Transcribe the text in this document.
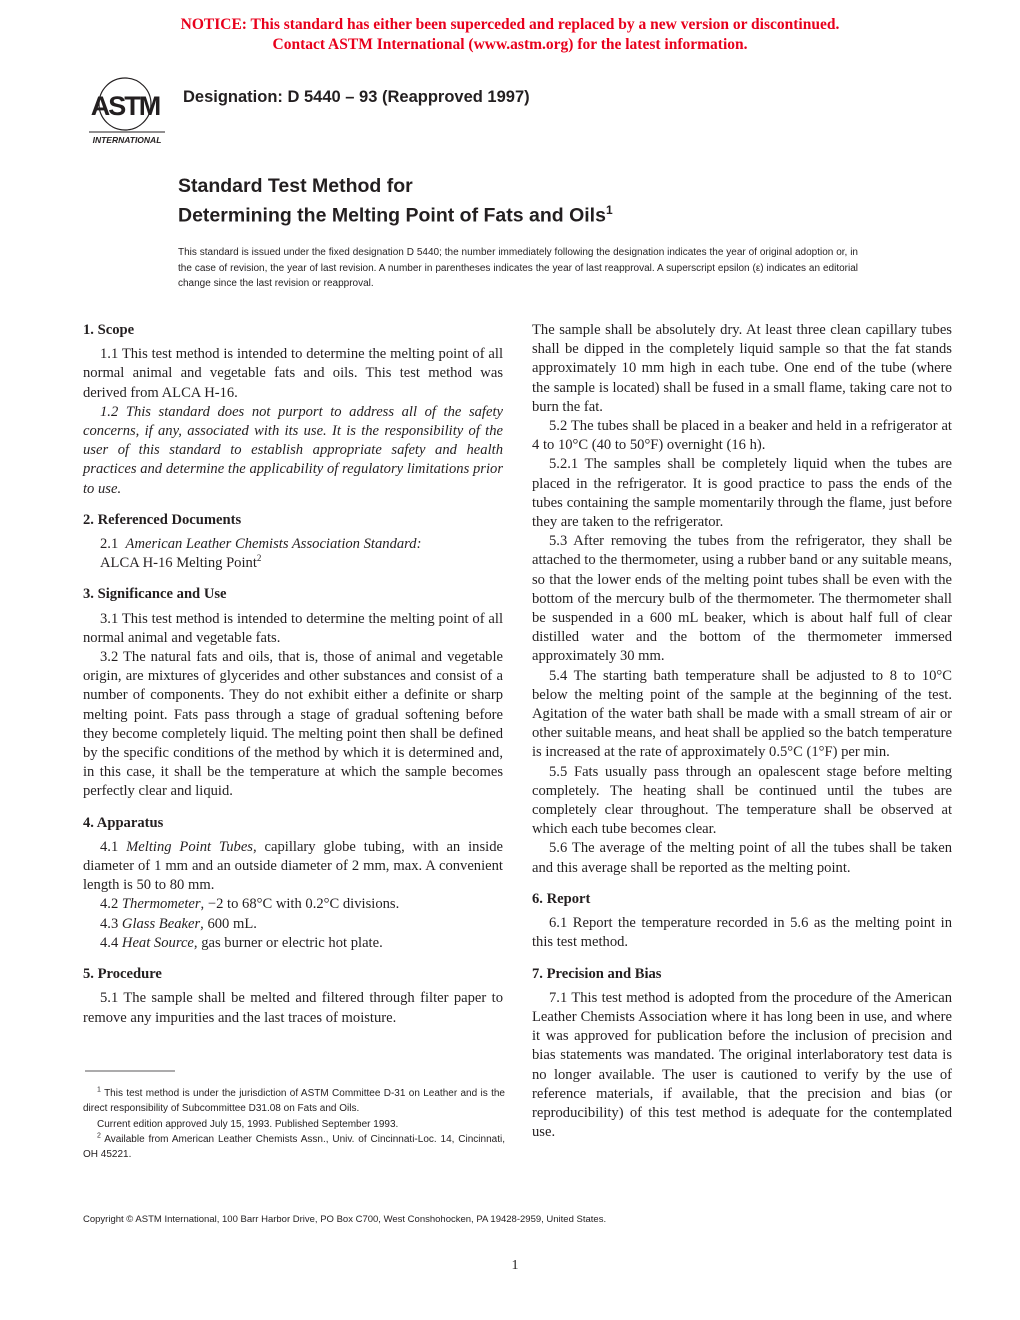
NOTICE: This standard has either been superceded and replaced by a new version or discontinued.
Contact ASTM International (www.astm.org) for the latest information.
ASTM
INTERNATIONAL
Designation: D 5440 – 93 (Reapproved 1997)
Standard Test Method for
Determining the Melting Point of Fats and Oils$^1$
This standard is issued under the fixed designation D 5440; the number immediately following the designation indicates the year of original adoption or, in the case of revision, the year of last revision. A number in parentheses indicates the year of last reapproval. A superscript epsilon (ε) indicates an editorial change since the last revision or reapproval.
1. Scope

1.1 This test method is intended to determine the melting point of all normal animal and vegetable fats and oils. This test method was derived from ALCA H-16.

1.2 This standard does not purport to address all of the safety concerns, if any, associated with its use. It is the responsibility of the user of this standard to establish appropriate safety and health practices and determine the applicability of regulatory limitations prior to use.

2. Referenced Documents

2.1 American Leather Chemists Association Standard:

ALCA H-16 Melting Point$^2$

3. Significance and Use

3.1 This test method is intended to determine the melting point of all normal animal and vegetable fats.

3.2 The natural fats and oils, that is, those of animal and vegetable origin, are mixtures of glycerides and other substances and consist of a number of components. They do not exhibit either a definite or sharp melting point. Fats pass through a stage of gradual softening before they become completely liquid. The melting point then shall be defined by the specific conditions of the method by which it is determined and, in this case, it shall be the temperature at which the sample becomes perfectly clear and liquid.

4. Apparatus

4.1 Melting Point Tubes, capillary globe tubing, with an inside diameter of 1 mm and an outside diameter of 2 mm, max. A convenient length is 50 to 80 mm.

4.2 Thermometer, −2 to 68°C with 0.2°C divisions.

4.3 Glass Beaker, 600 mL.

4.4 Heat Source, gas burner or electric hot plate.

5. Procedure

5.1 The sample shall be melted and filtered through filter paper to remove any impurities and the last traces of moisture.

$^1$ This test method is under the jurisdiction of ASTM Committee D-31 on Leather and is the direct responsibility of Subcommittee D31.08 on Fats and Oils.

Current edition approved July 15, 1993. Published September 1993.

$^2$ Available from American Leather Chemists Assn., Univ. of Cincinnati-Loc. 14, Cincinnati, OH 45221.

The sample shall be absolutely dry. At least three clean capillary tubes shall be dipped in the completely liquid sample so that the fat stands approximately 10 mm high in each tube. One end of the tube (where the sample is located) shall be fused in a small flame, taking care not to burn the fat.

5.2 The tubes shall be placed in a beaker and held in a refrigerator at 4 to 10°C (40 to 50°F) overnight (16 h).

5.2.1 The samples shall be completely liquid when the tubes are placed in the refrigerator. It is good practice to pass the ends of the tubes containing the sample momentarily through the flame, just before they are taken to the refrigerator.

5.3 After removing the tubes from the refrigerator, they shall be attached to the thermometer, using a rubber band or any suitable means, so that the lower ends of the melting point tubes shall be even with the bottom of the mercury bulb of the thermometer. The thermometer shall be suspended in a 600 mL beaker, which is about half full of clear distilled water and the bottom of the thermometer immersed approximately 30 mm.

5.4 The starting bath temperature shall be adjusted to 8 to 10°C below the melting point of the sample at the beginning of the test. Agitation of the water bath shall be made with a small stream of air or other suitable means, and heat shall be applied so the batch temperature is increased at the rate of approximately 0.5°C (1°F) per min.

5.5 Fats usually pass through an opalescent stage before melting completely. The heating shall be continued until the tubes are completely clear throughout. The temperature shall be observed at which each tube becomes clear.

5.6 The average of the melting point of all the tubes shall be taken and this average shall be reported as the melting point.

6. Report

6.1 Report the temperature recorded in 5.6 as the melting point in this test method.

7. Precision and Bias

7.1 This test method is adopted from the procedure of the American Leather Chemists Association where it has long been in use, and where it was approved for publication before the inclusion of precision and bias statements was mandated. The original interlaboratory test data is no longer available. The user is cautioned to verify by the use of reference materials, if available, that the precision and bias (or reproducibility) of this test method is adequate for the contemplated use.

Copyright © ASTM International, 100 Barr Harbor Drive, PO Box C700, West Conshohocken, PA 19428-2959, United States.
1
